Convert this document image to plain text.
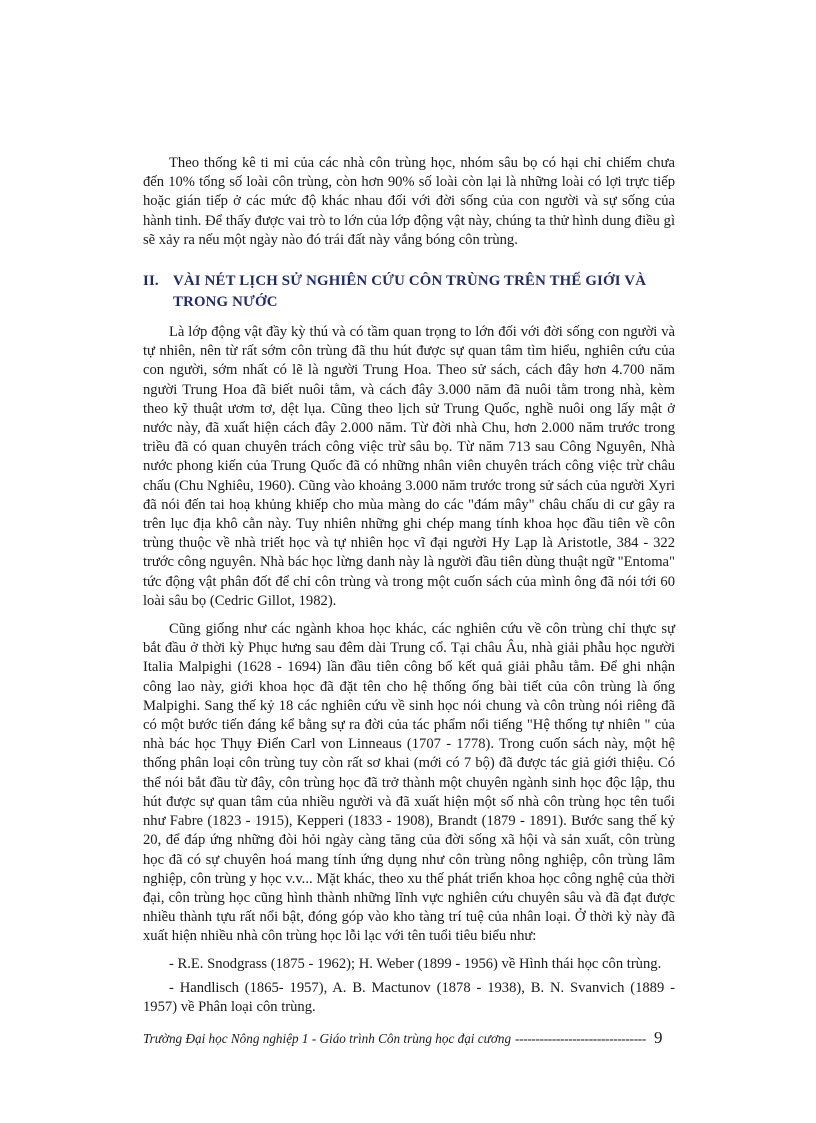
Theo thống kê ti mỉ của các nhà côn trùng học, nhóm sâu bọ có hại chỉ chiếm chưa đến 10% tổng số loài côn trùng, còn hơn 90% số loài còn lại là những loài có lợi trực tiếp hoặc gián tiếp ở các mức độ khác nhau đối với đời sống của con người và sự sống của hành tinh. Để thấy được vai trò to lớn của lớp động vật này, chúng ta thử hình dung điều gì sẽ xảy ra nếu một ngày nào đó trái đất này vắng bóng côn trùng.

II. VÀI NÉT LỊCH SỬ NGHIÊN CỨU CÔN TRÙNG TRÊN THẾ GIỚI VÀ TRONG NƯỚC

Là lớp động vật đầy kỳ thú và có tầm quan trọng to lớn đối với đời sống con người và tự nhiên, nên từ rất sớm côn trùng đã thu hút được sự quan tâm tìm hiểu, nghiên cứu của con người, sớm nhất có lẽ là người Trung Hoa. Theo sử sách, cách đây hơn 4.700 năm người Trung Hoa đã biết nuôi tằm, và cách đây 3.000 năm đã nuôi tằm trong nhà, kèm theo kỹ thuật ươm tơ, dệt lụa. Cũng theo lịch sử Trung Quốc, nghề nuôi ong lấy mật ở nước này, đã xuất hiện cách đây 2.000 năm. Từ đời nhà Chu, hơn 2.000 năm trước trong triều đã có quan chuyên trách công việc trừ sâu bọ. Từ năm 713 sau Công Nguyên, Nhà nước phong kiến của Trung Quốc đã có những nhân viên chuyên trách công việc trừ châu chấu (Chu Nghiêu, 1960). Cũng vào khoảng 3.000 năm trước trong sử sách của người Xyri đã nói đến tai hoạ khủng khiếp cho mùa màng do các "đám mây" châu chấu di cư gây ra trên lục địa khô cằn này. Tuy nhiên những ghi chép mang tính khoa học đầu tiên về côn trùng thuộc về nhà triết học và tự nhiên học vĩ đại người Hy Lạp là Aristotle, 384 - 322 trước công nguyên. Nhà bác học lừng danh này là người đầu tiên dùng thuật ngữ "Entoma" tức động vật phân đốt để chỉ côn trùng và trong một cuốn sách của mình ông đã nói tới 60 loài sâu bọ (Cedric Gillot, 1982).

Cũng giống như các ngành khoa học khác, các nghiên cứu về côn trùng chỉ thực sự bắt đầu ở thời kỳ Phục hưng sau đêm dài Trung cổ. Tại châu Âu, nhà giải phẫu học người Italia Malpighi (1628 - 1694) lần đầu tiên công bố kết quả giải phẫu tằm. Để ghi nhận công lao này, giới khoa học đã đặt tên cho hệ thống ống bài tiết của côn trùng là ống Malpighi. Sang thế kỷ 18 các nghiên cứu về sinh học nói chung và côn trùng nói riêng đã có một bước tiến đáng kể bằng sự ra đời của tác phẩm nổi tiếng "Hệ thống tự nhiên " của nhà bác học Thụy Điển Carl von Linneaus (1707 - 1778). Trong cuốn sách này, một hệ thống phân loại côn trùng tuy còn rất sơ khai (mới có 7 bộ) đã được tác giả giới thiệu. Có thể nói bắt đầu từ đây, côn trùng học đã trở thành một chuyên ngành sinh học độc lập, thu hút được sự quan tâm của nhiều người và đã xuất hiện một số nhà côn trùng học tên tuổi như Fabre (1823 - 1915), Kepperi (1833 - 1908), Brandt (1879 - 1891). Bước sang thế kỷ 20, để đáp ứng những đòi hỏi ngày càng tăng của đời sống xã hội và sản xuất, côn trùng học đã có sự chuyên hoá mang tính ứng dụng như côn trùng nông nghiệp, côn trùng lâm nghiệp, côn trùng y học v.v... Mặt khác, theo xu thế phát triển khoa học công nghệ của thời đại, côn trùng học cũng hình thành những lĩnh vực nghiên cứu chuyên sâu và đã đạt được nhiều thành tựu rất nổi bật, đóng góp vào kho tàng trí tuệ của nhân loại. Ở thời kỳ này đã xuất hiện nhiều nhà côn trùng học lỗi lạc với tên tuổi tiêu biểu như:

- R.E. Snodgrass (1875 - 1962); H. Weber (1899 - 1956) về Hình thái học côn trùng.

- Handlisch (1865- 1957), A. B. Mactunov (1878 - 1938), B. N. Svanvich (1889 - 1957) về Phân loại côn trùng.

Trường Đại học Nông nghiệp 1 - Giáo trình Côn trùng học đại cương -------------------------------- 9
